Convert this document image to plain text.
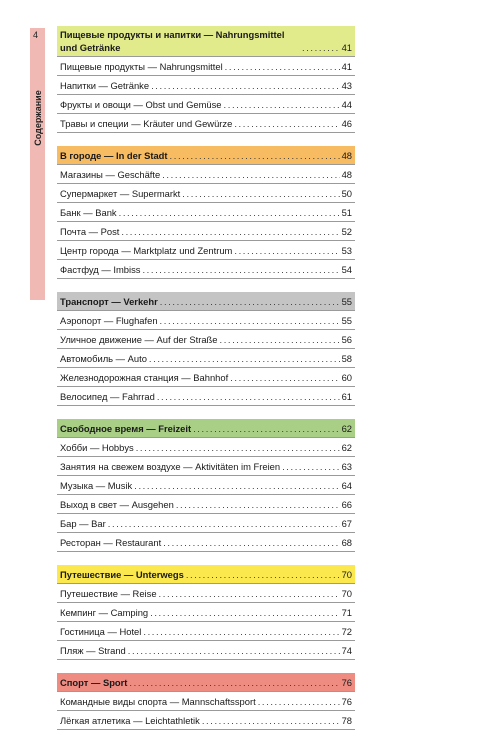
4
Содержание
Пищевые продукты и напитки — Nahrungsmittel und Getränke .....	41
Пищевые продукты — Nahrungsmittel .....	41
Напитки — Getränke .....	43
Фрукты и овощи — Obst und Gemüse .....	44
Травы и специи — Kräuter und Gewürze .....	46
В городе — In der Stadt .....	48
Магазины — Geschäfte .....	48
Супермаркет — Supermarkt .....	50
Банк — Bank .....	51
Почта — Post .....	52
Центр города — Marktplatz und Zentrum .....	53
Фастфуд — Imbiss .....	54
Транспорт — Verkehr .....	55
Аэропорт — Flughafen .....	55
Уличное движение — Auf der Straße .....	56
Автомобиль — Auto .....	58
Железнодорожная станция — Bahnhof .....	60
Велосипед — Fahrrad .....	61
Свободное время — Freizeit .....	62
Хобби — Hobbys .....	62
Занятия на свежем воздухе — Aktivitäten im Freien .....	63
Музыка — Musik .....	64
Выход в свет — Ausgehen .....	66
Бар — Bar .....	67
Ресторан — Restaurant .....	68
Путешествие — Unterwegs .....	70
Путешествие — Reise .....	70
Кемпинг — Camping .....	71
Гостиница — Hotel .....	72
Пляж — Strand .....	74
Спорт — Sport .....	76
Командные виды спорта — Mannschaftssport .....	76
Лёгкая атлетика — Leichtathletik .....	78
